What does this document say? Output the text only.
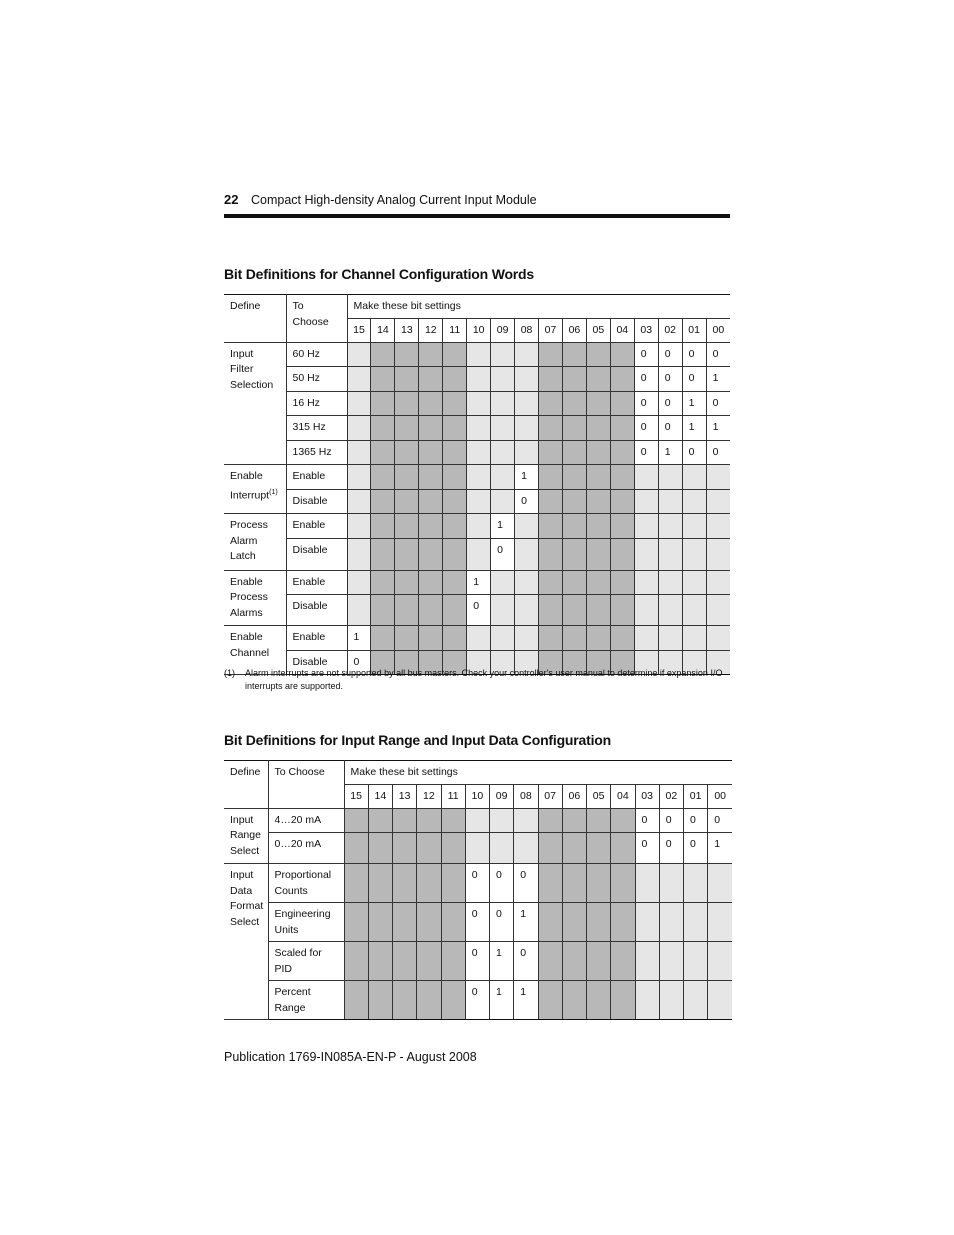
22 Compact High-density Analog Current Input Module
Bit Definitions for Channel Configuration Words
Define	To Choose	Make these bit settings															
		15	14	13	12	11	10	09	08	07	06	05	04	03	02	01	00
Input Filter Selection	60 Hz													0	0	0	0
	50 Hz													0	0	0	1
	16 Hz													0	0	1	0
	315 Hz													0	0	1	1
	1365 Hz													0	1	0	0
Enable Interrupt$^{(1)}$	Enable								1								
	Disable								0								
Process Alarm Latch	Enable							1									
	Disable							0									
Enable Process Alarms	Enable						1										
	Disable						0										
Enable Channel	Enable	1															
	Disable	0															
(1) Alarm interrupts are not supported by all bus masters. Check your controller's user manual to determine if expansion I/O interrupts are supported.
Bit Definitions for Input Range and Input Data Configuration
Define	To Choose	Make these bit settings															
		15	14	13	12	11	10	09	08	07	06	05	04	03	02	01	00
Input Range Select	4…20 mA													0	0	0	0
	0…20 mA													0	0	0	1
Input Data Format Select	Proportional Counts						0	0	0								
	Engineering Units						0	0	1								
	Scaled for PID						0	1	0								
	Percent Range						0	1	1								
Publication 1769-IN085A-EN-P - August 2008
